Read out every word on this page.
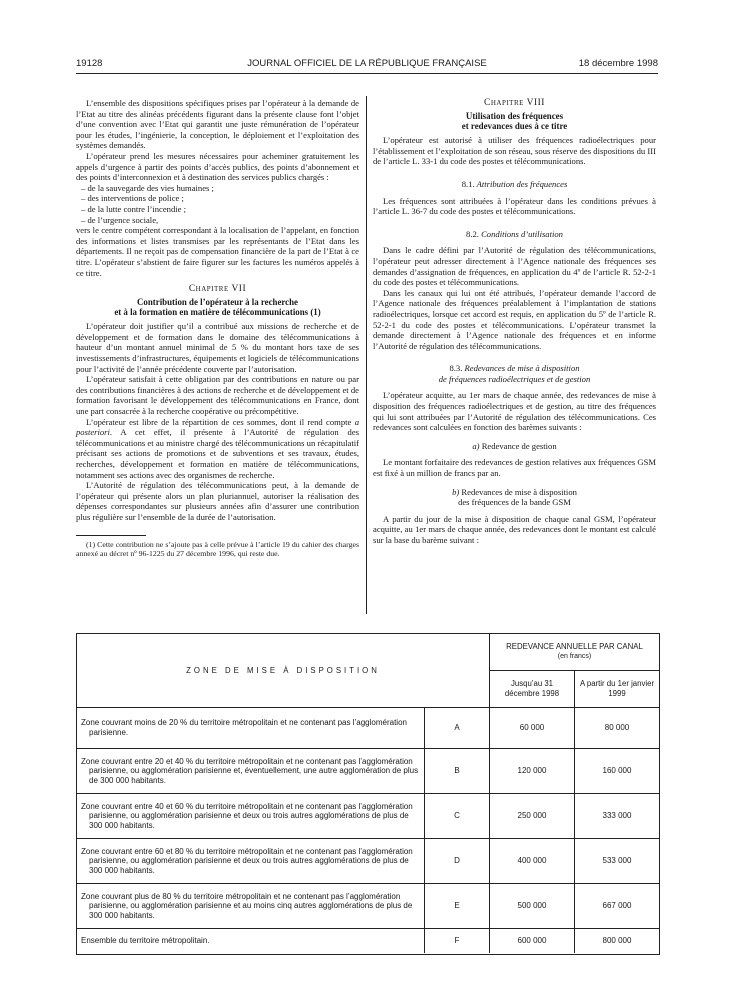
19128	JOURNAL OFFICIEL DE LA RÉPUBLIQUE FRANÇAISE	18 décembre 1998

L’ensemble des dispositions spécifiques prises par l’opérateur à la demande de l’Etat au titre des alinéas précédents figurant dans la présente clause font l’objet d’une convention avec l’Etat qui garantit une juste rémunération de l’opérateur pour les études, l’ingénierie, la conception, le déploiement et l’exploitation des systèmes demandés.

L’opérateur prend les mesures nécessaires pour acheminer gratuitement les appels d’urgence à partir des points d’accès publics, des points d’abonnement et des points d’interconnexion et à destination des services publics chargés :

– de la sauvegarde des vies humaines ;

– des interventions de police ;

– de la lutte contre l’incendie ;

– de l’urgence sociale,

vers le centre compétent correspondant à la localisation de l’appelant, en fonction des informations et listes transmises par les représentants de l’Etat dans les départements. Il ne reçoit pas de compensation financière de la part de l’Etat à ce titre. L’opérateur s’abstient de faire figurer sur les factures les numéros appelés à ce titre.

Chapitre VII
Contribution de l’opérateur à la recherche
et à la formation en matière de télécommunications (1)

L’opérateur doit justifier qu’il a contribué aux missions de recherche et de développement et de formation dans le domaine des télécommunications à hauteur d’un montant annuel minimal de 5 % du montant hors taxe de ses investissements d’infrastructures, équipements et logiciels de télécommunications pour l’activité de l’année précédente couverte par l’autorisation.

L’opérateur satisfait à cette obligation par des contributions en nature ou par des contributions financières à des actions de recherche et de développement et de formation favorisant le développement des télécommunications en France, dont une part consacrée à la recherche coopérative ou précompétitive.

L’opérateur est libre de la répartition de ces sommes, dont il rend compte a posteriori. A cet effet, il présente à l’Autorité de régulation des télécommunications et au ministre chargé des télécommunications un récapitulatif précisant ses actions de promotions et de subventions et ses travaux, études, recherches, développement et formation en matière de télécommunications, notamment ses actions avec des organismes de recherche.

L’Autorité de régulation des télécommunications peut, à la demande de l’opérateur qui présente alors un plan pluriannuel, autoriser la réalisation des dépenses correspondantes sur plusieurs années afin d’assurer une contribution plus régulière sur l’ensemble de la durée de l’autorisation.

(1) Cette contribution ne s’ajoute pas à celle prévue à l’article 19 du cahier des charges annexé au décret nº 96-1225 du 27 décembre 1996, qui reste due.

Chapitre VIII
Utilisation des fréquences
et redevances dues à ce titre

L’opérateur est autorisé à utiliser des fréquences radioélectriques pour l’établissement et l’exploitation de son réseau, sous réserve des dispositions du III de l’article L. 33-1 du code des postes et télécommunications.

8.1. Attribution des fréquences

Les fréquences sont attribuées à l’opérateur dans les conditions prévues à l’article L. 36-7 du code des postes et télécommunications.

8.2. Conditions d’utilisation

Dans le cadre défini par l’Autorité de régulation des télécommunications, l’opérateur peut adresser directement à l’Agence nationale des fréquences ses demandes d’assignation de fréquences, en application du 4º de l’article R. 52-2-1 du code des postes et télécommunications.

Dans les canaux qui lui ont été attribués, l’opérateur demande l’accord de l’Agence nationale des fréquences préalablement à l’implantation de stations radioélectriques, lorsque cet accord est requis, en application du 5º de l’article R. 52-2-1 du code des postes et télécommunications. L’opérateur transmet la demande directement à l’Agence nationale des fréquences et en informe l’Autorité de régulation des télécommunications.

8.3. Redevances de mise à disposition
de fréquences radioélectriques et de gestion

L’opérateur acquitte, au 1er mars de chaque année, des redevances de mise à disposition des fréquences radioélectriques et de gestion, au titre des fréquences qui lui sont attribuées par l’Autorité de régulation des télécommunications. Ces redevances sont calculées en fonction des barèmes suivants :

a) Redevance de gestion

Le montant forfaitaire des redevances de gestion relatives aux fréquences GSM est fixé à un million de francs par an.

b) Redevances de mise à disposition
des fréquences de la bande GSM

A partir du jour de la mise à disposition de chaque canal GSM, l’opérateur acquitte, au 1er mars de chaque année, des redevances dont le montant est calculé sur la base du barème suivant :

ZONE DE MISE À DISPOSITION		REDEVANCE ANNUELLE PAR CANAL
(en francs)	

		Jusqu’au 31 décembre 1998	A partir du 1er janvier 1999

Zone couvrant moins de 20 % du territoire métropolitain et ne contenant pas l’agglomération parisienne.	A	60 000	80 000

Zone couvrant entre 20 et 40 % du territoire métropolitain et ne contenant pas l’agglomération parisienne, ou agglomération parisienne et, éventuellement, une autre agglomération de plus de 300 000 habitants.	B	120 000	160 000

Zone couvrant entre 40 et 60 % du territoire métropolitain et ne contenant pas l’agglomération parisienne, ou agglomération parisienne et deux ou trois autres agglomérations de plus de 300 000 habitants.	C	250 000	333 000

Zone couvrant entre 60 et 80 % du territoire métropolitain et ne contenant pas l’agglomération parisienne, ou agglomération parisienne et deux ou trois autres agglomérations de plus de 300 000 habitants.	D	400 000	533 000

Zone couvrant plus de 80 % du territoire métropolitain et ne contenant pas l’agglomération parisienne, ou agglomération parisienne et au moins cinq autres agglomérations de plus de 300 000 habitants.	E	500 000	667 000

Ensemble du territoire métropolitain.	F	600 000	800 000
